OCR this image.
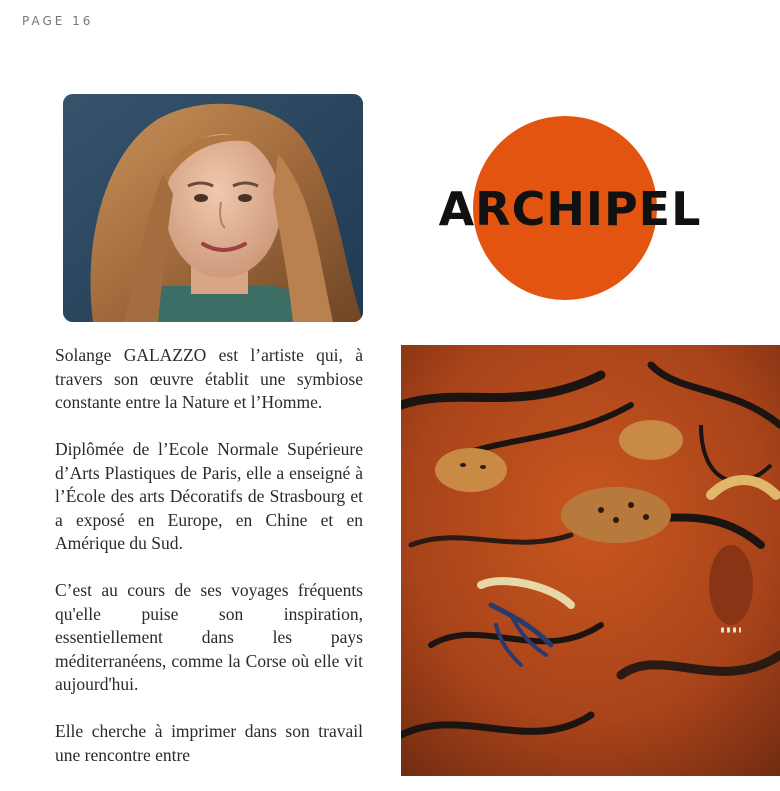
PAGE 16
ARCHIPEL

Solange GALAZZO est l’artiste qui, à travers son œuvre établit une symbiose constante entre la Nature et l’Homme.

Diplômée de l’Ecole Normale Supérieure d’Arts Plastiques de Paris, elle a enseigné à l’École des arts Décoratifs de Strasbourg et a exposé en Europe, en Chine et en Amérique du Sud.

C’est au cours de ses voyages fréquents qu'elle puise son inspiration, essentiellement dans les pays méditerranéens, comme la Corse où elle vit aujourd'hui.

Elle cherche à imprimer dans son travail une rencontre entre
